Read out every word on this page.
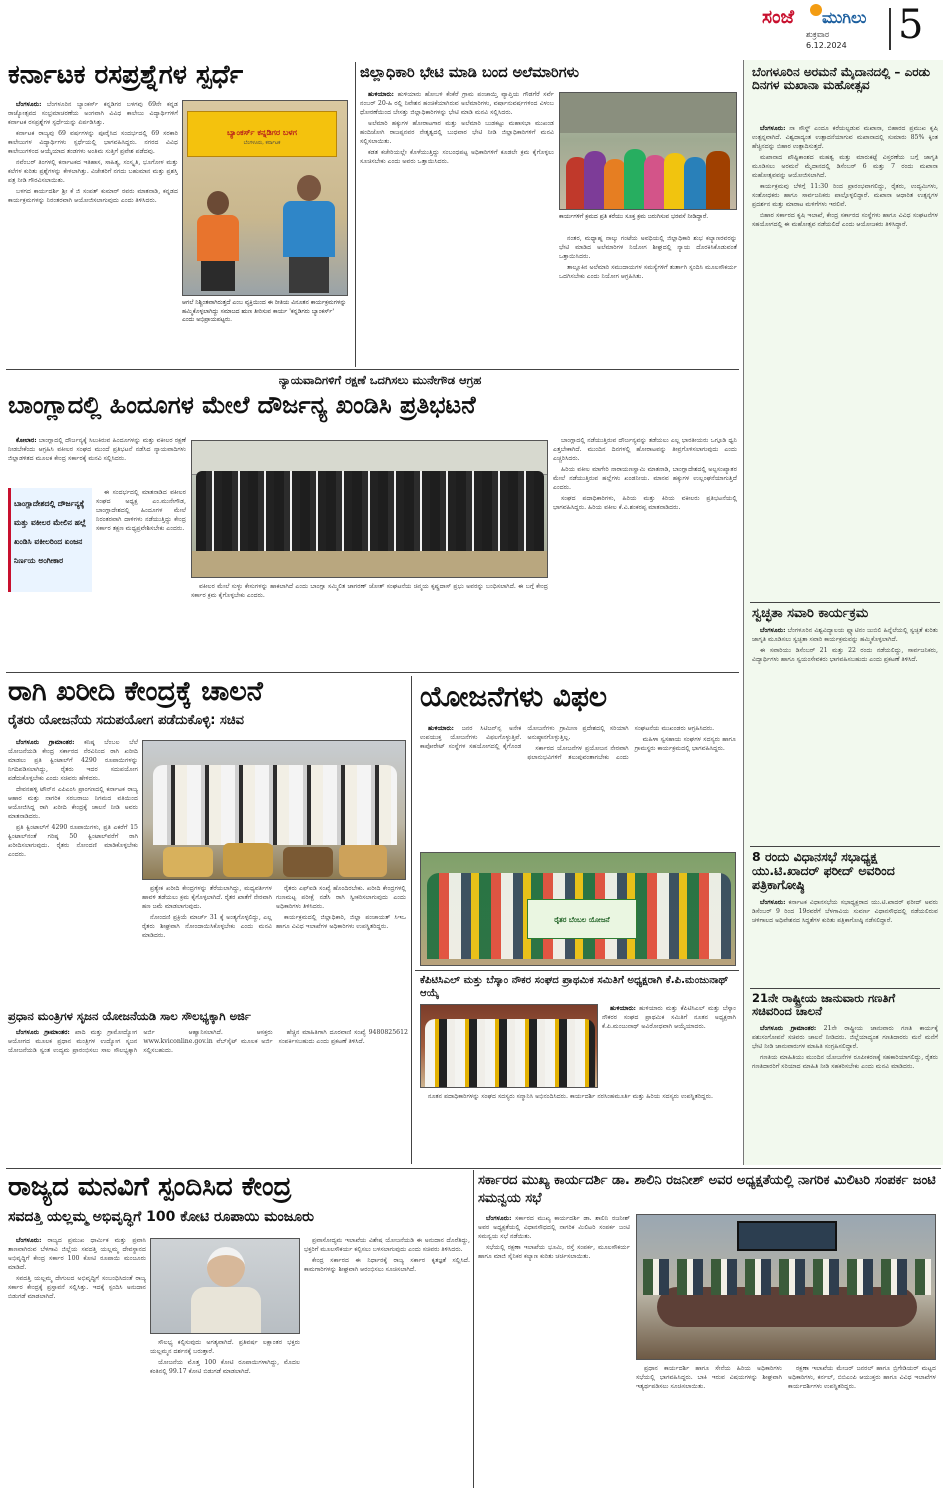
ಸಂಜೆ ಮುಗಿಲು
ಶುಕ್ರವಾರ
6.12.2024 5
ಕರ್ನಾಟಕ ರಸಪ್ರಶ್ನೆಗಳ ಸ್ಪರ್ಧೆ

ಬೆಂಗಳೂರು: ಬೆಂಗಳೂರಿನ ಬ್ಯಾಂಕರ್ಸ್ ಕನ್ನಡಿಗರ ಬಳಗವು 69ನೇ ಕನ್ನಡ ರಾಜ್ಯೋತ್ಸವದ ಸಂಭ್ರಮಾಚರಣೆಯ ಅಂಗವಾಗಿ ವಿವಿಧ ಕಾಲೇಜು ವಿದ್ಯಾರ್ಥಿಗಳಿಗೆ ಕರ್ನಾಟಕ ರಸಪ್ರಶ್ನೆಗಳ ಸ್ಪರ್ಧೆಯನ್ನು ಏರ್ಪಡಿಸಿತ್ತು.

ಕರ್ನಾಟಕ ರಾಜ್ಯವು 69 ವರ್ಷಗಳನ್ನು ಪೂರೈಸಿದ ಸಂದರ್ಭದಲ್ಲಿ 69 ಸರಕಾರಿ ಕಾಲೇಜುಗಳ ವಿದ್ಯಾರ್ಥಿಗಳು ಸ್ಪರ್ಧೆಯಲ್ಲಿ ಭಾಗವಹಿಸಿದ್ದರು. ನಗರದ ವಿವಿಧ ಕಾಲೇಜುಗಳಿಂದ ಆಯ್ಕೆಯಾದ ತಂಡಗಳು ಅಂತಿಮ ಸುತ್ತಿಗೆ ಪ್ರವೇಶ ಪಡೆದವು.

ನವೆಂಬರ್ ತಿಂಗಳಲ್ಲಿ ಕರ್ನಾಟಕದ ಇತಿಹಾಸ, ಸಾಹಿತ್ಯ, ಸಂಸ್ಕೃತಿ, ಭೂಗೋಳ ಮತ್ತು ಕಲೆಗಳ ಕುರಿತು ಪ್ರಶ್ನೆಗಳನ್ನು ಕೇಳಲಾಗಿತ್ತು. ವಿಜೇತರಿಗೆ ನಗದು ಬಹುಮಾನ ಮತ್ತು ಪ್ರಶಸ್ತಿ ಪತ್ರ ನೀಡಿ ಗೌರವಿಸಲಾಯಿತು.

ಬಳಗದ ಕಾರ್ಯದರ್ಶಿ ಶ್ರೀ ಕೆ ಜಿ ಸಂಪತ್ ಕುಮಾರ್ ರವರು ಮಾತನಾಡಿ, ಕನ್ನಡದ ಕಾರ್ಯಕ್ರಮಗಳನ್ನು ನಿರಂತರವಾಗಿ ಆಯೋಜಿಸಲಾಗುವುದು ಎಂದು ತಿಳಿಸಿದರು.

ಬ್ಯಾಂಕರ್ಸ್ ಕನ್ನಡಿಗರ ಬಳಗ
ಬೆಂಗಳೂರು, ಕರ್ನಾಟಕ
ಆಗಲೆ ನಿಶ್ಚಿಂತವಾಗಿರುತ್ತದೆ ಎಂಬ ವ್ಯಕ್ತಿಯಿಂದ ಈ ರೀತಿಯ ವಿನೂತನ ಕಾರ್ಯಕ್ರಮಗಳನ್ನು ಹಮ್ಮಿಕೊಳ್ಳಲಾಗಿದ್ದು ಸಮಾಜದ ಋಣ ತೀರಿಸುವ ಕಾರ್ಯ 'ಕನ್ನಡಿಗರು ಬ್ಯಾಂಕರ್ಸ್' ಎಂದು ಅಭಿಪ್ರಾಯಪಟ್ಟರು.
ಜಿಲ್ಲಾಧಿಕಾರಿ ಭೇಟಿ ಮಾಡಿ ಬಂದ ಅಲೆಮಾರಿಗಳು

ಹುಳಿಯಾರು: ಹುಳಿಯಾರು ಹೋಬಳಿ ಕೆಂಕೆರೆ ಗ್ರಾಮ ಪಂಚಾಯ್ತಿ ವ್ಯಾಪ್ತಿಯ ಗೌಡಗೆರೆ ಸರ್ವೆ ನಂಬರ್ 20-ಹಿ ರಲ್ಲಿ ನಿವೇಶನ ಹಂಚಿಕೆಯಾಗಿರುವ ಅಲೆಮಾರಿಗಳು, ವರ್ಷಾನುವರ್ಷಗಳಿಂದ ವಿಳಂಬ ಧೋರಣೆಯಿಂದ ಬೇಸತ್ತು ಜಿಲ್ಲಾಧಿಕಾರಿಗಳನ್ನು ಭೇಟಿ ಮಾಡಿ ಮನವಿ ಸಲ್ಲಿಸಿದರು.

ಅಲೆಮಾರಿ ಹಕ್ಕುಗಳ ಹೋರಾಟಗಾರ ಮತ್ತು ಅಲೆಮಾರಿ ಬುಡಕಟ್ಟು ಮಹಾಸಭಾ ಮುಖಂಡ ಹಂದಿಜೋಗಿ ರಾಜಪ್ಪನವರ ನೇತೃತ್ವದಲ್ಲಿ ಬುಧವಾರ ಭೇಟಿ ನೀಡಿ ಜಿಲ್ಲಾಧಿಕಾರಿಗಳಿಗೆ ಮನವಿ ಸಲ್ಲಿಸಲಾಯಿತು.

ಕಡತ ಕಚೇರಿಯಲ್ಲೇ ಕೊಳೆಯುತ್ತಿದ್ದು ಸಂಬಂಧಪಟ್ಟ ಅಧಿಕಾರಿಗಳಿಗೆ ಕೂಡಲೇ ಕ್ರಮ ಕೈಗೊಳ್ಳಲು ಸೂಚಿಸಬೇಕು ಎಂದು ಅವರು ಒತ್ತಾಯಿಸಿದರು.

ಕಾರ್ಯಗಳಿಗೆ ಕ್ರಮದ ಪ್ರತಿ ಕರೆಯು ಸೂಕ್ತ ಕ್ರಮ ಜರುಗಿಸುವ ಭರವಸೆ ನೀಡಿದ್ದಾರೆ.

ನಂತರ, ಮಧ್ಯಾಹ್ನ ನಾಲ್ಕು ಗಂಟೆಯ ಅವಧಿಯಲ್ಲಿ ಜಿಲ್ಲಾಧಿಕಾರಿ ಶುಭ ಕಲ್ಯಾಣರವರನ್ನು ಭೇಟಿ ಮಾಡಿದ ಅಲೆಮಾರಿಗಳ ನಿಯೋಗ ಶೀಘ್ರದಲ್ಲಿ ನ್ಯಾಯ ದೊರಕಿಸಿಕೊಡುವಂತೆ ಒತ್ತಾಯಿಸಿದರು.

ತಾಲ್ಲೂಕಿನ ಅಲೆಮಾರಿ ಸಮುದಾಯಗಳ ಸಮಸ್ಯೆಗಳಿಗೆ ತುರ್ತಾಗಿ ಸ್ಪಂದಿಸಿ ಮೂಲಸೌಕರ್ಯ ಒದಗಿಸಬೇಕು ಎಂದು ನಿಯೋಗ ಆಗ್ರಹಿಸಿತು.

ಬೆಂಗಳೂರಿನ ಅರಮನೆ ಮೈದಾನದಲ್ಲಿ – ಎರಡು ದಿನಗಳ ಮಖಾನಾ ಮಹೋತ್ಸವ

ಬೆಂಗಳೂರು: ನಾ ಸೌಸ್ಥ್ ಎಂದೂ ಕರೆಯಲ್ಪಡುವ ಮಖಾನಾ, ಬಿಹಾರದ ಪ್ರಮುಖ ಕೃಷಿ ಉತ್ಪನ್ನವಾಗಿದೆ. ವಿಶ್ವದಾದ್ಯಂತ ಉತ್ಪಾದನೆಯಾಗುವ ಮಖಾನಾದಲ್ಲಿ ಸುಮಾರು 85% ಕ್ಕಿಂತ ಹೆಚ್ಚಿನದನ್ನು ಬಿಹಾರ ಉತ್ಪಾದಿಸುತ್ತದೆ.

ಮಖಾನಾದ ಪೌಷ್ಟಿಕಾಂಶದ ಮಹತ್ವ ಮತ್ತು ಮಾರುಕಟ್ಟೆ ವಿಸ್ತರಣೆಯ ಬಗ್ಗೆ ಜಾಗೃತಿ ಮೂಡಿಸಲು ಅರಮನೆ ಮೈದಾನದಲ್ಲಿ ಡಿಸೆಂಬರ್ 6 ಮತ್ತು 7 ರಂದು ಮಖಾನಾ ಮಹೋತ್ಸವವನ್ನು ಆಯೋಜಿಸಲಾಗಿದೆ.

ಕಾರ್ಯಕ್ರಮವು ಬೆಳಿಗ್ಗೆ 11:30 ರಿಂದ ಪ್ರಾರಂಭವಾಗಲಿದ್ದು, ರೈತರು, ಉದ್ಯಮಿಗಳು, ಸಂಶೋಧಕರು ಹಾಗೂ ಸಾರ್ವಜನಿಕರು ಪಾಲ್ಗೊಳ್ಳಲಿದ್ದಾರೆ. ಮಖಾನಾ ಆಧಾರಿತ ಉತ್ಪನ್ನಗಳ ಪ್ರದರ್ಶನ ಮತ್ತು ಮಾರಾಟ ಮಳಿಗೆಗಳು ಇರಲಿವೆ.

ಬಿಹಾರ ಸರ್ಕಾರದ ಕೃಷಿ ಇಲಾಖೆ, ಕೇಂದ್ರ ಸರ್ಕಾರದ ಸಂಸ್ಥೆಗಳು ಹಾಗೂ ವಿವಿಧ ಸಂಘಟನೆಗಳ ಸಹಯೋಗದಲ್ಲಿ ಈ ಮಹೋತ್ಸವ ನಡೆಯಲಿದೆ ಎಂದು ಆಯೋಜಕರು ತಿಳಿಸಿದ್ದಾರೆ.

ಸ್ವಚ್ಛತಾ ಸವಾರಿ ಕಾರ್ಯಕ್ರಮ

ಬೆಂಗಳೂರು: ಬೆಂಗಳೂರಿನ ವಿಶ್ವವಿದ್ಯಾಲಯ ಪ್ಲ್ಯಾಟಿನಂ ಜುಬಿಲಿ ಹಿನ್ನೆಲೆಯಲ್ಲಿ ಸ್ವಚ್ಛತೆ ಕುರಿತು ಜಾಗೃತಿ ಮೂಡಿಸಲು ಸ್ವಚ್ಛತಾ ಸವಾರಿ ಕಾರ್ಯಕ್ರಮವನ್ನು ಹಮ್ಮಿಕೊಳ್ಳಲಾಗಿದೆ.

ಈ ಸವಾರಿಯು ಡಿಸೆಂಬರ್ 21 ಮತ್ತು 22 ರಂದು ನಡೆಯಲಿದ್ದು, ಸಾರ್ವಜನಿಕರು, ವಿದ್ಯಾರ್ಥಿಗಳು ಹಾಗೂ ಸ್ವಯಂಸೇವಕರು ಭಾಗವಹಿಸಬಹುದು ಎಂದು ಪ್ರಕಟಣೆ ತಿಳಿಸಿದೆ.

8 ರಂದು ವಿಧಾನಸಭೆ ಸಭಾಧ್ಯಕ್ಷ ಯು.ಟಿ.ಖಾದರ್ ಫರೀದ್ ಅವರಿಂದ ಪತ್ರಿಕಾಗೋಷ್ಠಿ

ಬೆಂಗಳೂರು: ಕರ್ನಾಟಕ ವಿಧಾನಸಭೆಯ ಸಭಾಧ್ಯಕ್ಷರಾದ ಯು.ಟಿ.ಖಾದರ್ ಫರೀದ್ ಅವರು ಡಿಸೆಂಬರ್ 9 ರಿಂದ 19ರವರೆಗೆ ಬೆಳಗಾವಿಯ ಸುವರ್ಣ ವಿಧಾನಸೌಧದಲ್ಲಿ ನಡೆಯಲಿರುವ ಚಳಿಗಾಲದ ಅಧಿವೇಶನದ ಸಿದ್ಧತೆಗಳ ಕುರಿತು ಪತ್ರಿಕಾಗೋಷ್ಠಿ ನಡೆಸಲಿದ್ದಾರೆ.

21ನೇ ರಾಷ್ಟ್ರೀಯ ಜಾನುವಾರು ಗಣತಿಗೆ ಸಚಿವರಿಂದ ಚಾಲನೆ

ಬೆಂಗಳೂರು ಗ್ರಾಮಾಂತರ: 21ನೇ ರಾಷ್ಟ್ರೀಯ ಜಾನುವಾರು ಗಣತಿ ಕಾರ್ಯಕ್ಕೆ ಪಶುಸಂಗೋಪನೆ ಸಚಿವರು ಚಾಲನೆ ನೀಡಿದರು. ಜಿಲ್ಲೆಯಾದ್ಯಂತ ಗಣತಿದಾರರು ಮನೆ ಮನೆಗೆ ಭೇಟಿ ನೀಡಿ ಜಾನುವಾರುಗಳ ಮಾಹಿತಿ ಸಂಗ್ರಹಿಸಲಿದ್ದಾರೆ.

ಗಣತಿಯ ಮಾಹಿತಿಯು ಮುಂದಿನ ಯೋಜನೆಗಳ ರೂಪೀಕರಣಕ್ಕೆ ಸಹಕಾರಿಯಾಗಲಿದ್ದು, ರೈತರು ಗಣತಿದಾರರಿಗೆ ಸರಿಯಾದ ಮಾಹಿತಿ ನೀಡಿ ಸಹಕರಿಸಬೇಕು ಎಂದು ಮನವಿ ಮಾಡಿದರು.

ನ್ಯಾಯವಾದಿಗಳಿಗೆ ರಕ್ಷಣೆ ಒದಗಿಸಲು ಮುನೇಗೌಡ ಆಗ್ರಹ
ಬಾಂಗ್ಲಾದಲ್ಲಿ ಹಿಂದೂಗಳ ಮೇಲೆ ದೌರ್ಜನ್ಯ ಖಂಡಿಸಿ ಪ್ರತಿಭಟನೆ

ಕೋಲಾರ: ಬಾಂಗ್ಲಾದಲ್ಲಿ ದೌರ್ಜನ್ಯಕ್ಕೆ ಸಿಲುಕಿರುವ ಹಿಂದೂಗಳನ್ನು ಮತ್ತು ವಕೀಲರ ರಕ್ಷಣೆ ನೀಡಬೇಕೆಂದು ಆಗ್ರಹಿಸಿ ವಕೀಲರ ಸಂಘದ ಮುಂದೆ ಪ್ರತಿಭಟನೆ ನಡೆಸಿದ ನ್ಯಾಯವಾದಿಗಳು ಜಿಲ್ಲಾಡಳಿತದ ಮೂಲಕ ಕೇಂದ್ರ ಸರ್ಕಾರಕ್ಕೆ ಮನವಿ ಸಲ್ಲಿಸಿದರು.

ಬಾಂಗ್ಲಾದೇಶದಲ್ಲಿ ದೌರ್ಜನ್ಯಕ್ಕೆ ಮತ್ತು ವಕೀಲರ ಮೇಲಿನ ಹಲ್ಲೆ ಖಂಡಿಸಿ ವಕೀಲರಿಂದ ಏಂಜನ ನಿರ್ಣಯ ಅಂಗೀಕಾರ

ಈ ಸಂದರ್ಭದಲ್ಲಿ ಮಾತನಾಡಿದ ವಕೀಲರ ಸಂಘದ ಅಧ್ಯಕ್ಷ ಎಂ.ಮುನೇಗೌಡ, ಬಾಂಗ್ಲಾದೇಶದಲ್ಲಿ ಹಿಂದೂಗಳ ಮೇಲೆ ನಿರಂತರವಾಗಿ ದಾಳಿಗಳು ನಡೆಯುತ್ತಿದ್ದು ಕೇಂದ್ರ ಸರ್ಕಾರ ತಕ್ಷಣ ಮಧ್ಯಪ್ರವೇಶಿಸಬೇಕು ಎಂದರು.

ವಕೀಲರ ಮೇಲೆ ಸುಳ್ಳು ಕೇಸುಗಳನ್ನು ಹಾಕಲಾಗಿದೆ ಎಂದು ಬಾಂಗ್ಲಾ ಸಮ್ಮಿಲಿತ ಜಾಗರಣ್ ಜೋತ್ ಸಂಘಟನೆಯ ಚಿನ್ಮಯ ಕೃಷ್ಣದಾಸ್ ಪ್ರಭು ಅವರನ್ನು ಬಂಧಿಸಲಾಗಿದೆ. ಈ ಬಗ್ಗೆ ಕೇಂದ್ರ ಸರ್ಕಾರ ಕ್ರಮ ಕೈಗೊಳ್ಳಬೇಕು ಎಂದರು.

ಬಾಂಗ್ಲಾದಲ್ಲಿ ನಡೆಯುತ್ತಿರುವ ದೌರ್ಜನ್ಯವನ್ನು ತಡೆಯಲು ಎಲ್ಲ ಭಾರತೀಯರು ಒಗ್ಗೂಡಿ ಧ್ವನಿ ಎತ್ತಬೇಕಾಗಿದೆ. ಮುಂದಿನ ದಿನಗಳಲ್ಲಿ ಹೋರಾಟವನ್ನು ತೀವ್ರಗೊಳಿಸಲಾಗುವುದು ಎಂದು ಎಚ್ಚರಿಸಿದರು.

ಹಿರಿಯ ವಕೀಲ ಮಾಗೇರಿ ನಾರಾಯಣಸ್ವಾಮಿ ಮಾತನಾಡಿ, ಬಾಂಗ್ಲಾದೇಶದಲ್ಲಿ ಅಲ್ಪಸಂಖ್ಯಾತರ ಮೇಲೆ ನಡೆಯುತ್ತಿರುವ ಹಲ್ಲೆಗಳು ಖಂಡನೀಯ. ಮಾನವ ಹಕ್ಕುಗಳ ಉಲ್ಲಂಘನೆಯಾಗುತ್ತಿದೆ ಎಂದರು.

ಸಂಘದ ಪದಾಧಿಕಾರಿಗಳು, ಹಿರಿಯ ಮತ್ತು ಕಿರಿಯ ವಕೀಲರು ಪ್ರತಿಭಟನೆಯಲ್ಲಿ ಭಾಗವಹಿಸಿದ್ದರು. ಹಿರಿಯ ವಕೀಲ ಕೆ.ವಿ.ಶಂಕರಪ್ಪ ಮಾತನಾಡಿದರು.

ರಾಗಿ ಖರೀದಿ ಕೇಂದ್ರಕ್ಕೆ ಚಾಲನೆ
ರೈತರು ಯೋಜನೆಯ ಸದುಪಯೋಗ ಪಡೆದುಕೊಳ್ಳಿ: ಸಚಿವ

ಬೆಂಗಳೂರು ಗ್ರಾಮಾಂತರ: ಕನಿಷ್ಠ ಬೆಂಬಲ ಬೆಲೆ ಯೋಜನೆಯಡಿ ಕೇಂದ್ರ ಸರ್ಕಾರದ ನೆರವಿನಿಂದ ರಾಗಿ ಖರೀದಿ ಮಾಡಲು ಪ್ರತಿ ಕ್ವಿಂಟಾಲ್‌ಗೆ 4290 ರೂಪಾಯಿಗಳನ್ನು ನಿಗದಿಪಡಿಸಲಾಗಿದ್ದು, ರೈತರು ಇದರ ಸದುಪಯೋಗ ಪಡೆದುಕೊಳ್ಳಬೇಕು ಎಂದು ಸಚಿವರು ಹೇಳಿದರು.

ದೇವನಹಳ್ಳಿ ಟೌನ್‌ನ ಎಪಿಎಂಸಿ ಪ್ರಾಂಗಣದಲ್ಲಿ ಕರ್ನಾಟಕ ರಾಜ್ಯ ಆಹಾರ ಮತ್ತು ನಾಗರಿಕ ಸರಬರಾಜು ನಿಗಮದ ವತಿಯಿಂದ ಆಯೋಜಿಸಿದ್ದ ರಾಗಿ ಖರೀದಿ ಕೇಂದ್ರಕ್ಕೆ ಚಾಲನೆ ನೀಡಿ ಅವರು ಮಾತನಾಡಿದರು.

ಪ್ರತಿ ಕ್ವಿಂಟಾಲ್‌ಗೆ 4290 ರೂಪಾಯಿಗಳು, ಪ್ರತಿ ಎಕರೆಗೆ 15 ಕ್ವಿಂಟಾಲ್‌ನಂತೆ ಗರಿಷ್ಠ 50 ಕ್ವಿಂಟಾಲ್‌ವರೆಗೆ ರಾಗಿ ಖರೀದಿಸಲಾಗುವುದು. ರೈತರು ನೋಂದಣಿ ಮಾಡಿಕೊಳ್ಳಬೇಕು ಎಂದರು.

ಪ್ರತ್ಯೇಕ ಖರೀದಿ ಕೇಂದ್ರಗಳನ್ನು ತೆರೆಯಲಾಗಿದ್ದು, ಮಧ್ಯವರ್ತಿಗಳ ಹಾವಳಿ ತಡೆಯಲು ಕ್ರಮ ಕೈಗೊಳ್ಳಲಾಗಿದೆ. ರೈತರ ಖಾತೆಗೆ ನೇರವಾಗಿ ಹಣ ಜಮೆ ಮಾಡಲಾಗುವುದು.

ನೋಂದಣಿ ಪ್ರಕ್ರಿಯೆ ಮಾರ್ಚ್ 31 ಕ್ಕೆ ಅಂತ್ಯಗೊಳ್ಳಲಿದ್ದು, ಎಲ್ಲ ರೈತರು ಶೀಘ್ರವಾಗಿ ನೋಂದಾಯಿಸಿಕೊಳ್ಳಬೇಕು ಎಂದು ಮನವಿ ಮಾಡಿದರು.

ರೈತರು ಎಫ್‌ಐಡಿ ಸಂಖ್ಯೆ ಹೊಂದಿರಬೇಕು. ಖರೀದಿ ಕೇಂದ್ರಗಳಲ್ಲಿ ಗುಣಮಟ್ಟ ಪರೀಕ್ಷೆ ನಡೆಸಿ ರಾಗಿ ಸ್ವೀಕರಿಸಲಾಗುವುದು ಎಂದು ಅಧಿಕಾರಿಗಳು ತಿಳಿಸಿದರು.

ಕಾರ್ಯಕ್ರಮದಲ್ಲಿ ಜಿಲ್ಲಾಧಿಕಾರಿ, ಜಿಲ್ಲಾ ಪಂಚಾಯತ್ ಸಿಇಒ ಹಾಗೂ ವಿವಿಧ ಇಲಾಖೆಗಳ ಅಧಿಕಾರಿಗಳು ಉಪಸ್ಥಿತರಿದ್ದರು.

ಪ್ರಧಾನ ಮಂತ್ರಿಗಳ ಸೃಜನ ಯೋಜನೆಯಡಿ ಸಾಲ ಸೌಲಭ್ಯಕ್ಕಾಗಿ ಅರ್ಜಿ

ಬೆಂಗಳೂರು ಗ್ರಾಮಾಂತರ: ಖಾದಿ ಮತ್ತು ಗ್ರಾಮೋದ್ಯೋಗ ಆಯೋಗದ ಮೂಲಕ ಪ್ರಧಾನ ಮಂತ್ರಿಗಳ ಉದ್ಯೋಗ ಸೃಜನ ಯೋಜನೆಯಡಿ ಸ್ವಂತ ಉದ್ಯಮ ಪ್ರಾರಂಭಿಸಲು ಸಾಲ ಸೌಲಭ್ಯಕ್ಕಾಗಿ ಅರ್ಜಿ ಆಹ್ವಾನಿಸಲಾಗಿದೆ. ಆಸಕ್ತರು www.kviconline.gov.in ವೆಬ್‌ಸೈಟ್ ಮೂಲಕ ಅರ್ಜಿ ಸಲ್ಲಿಸಬಹುದು.

ಹೆಚ್ಚಿನ ಮಾಹಿತಿಗಾಗಿ ದೂರವಾಣಿ ಸಂಖ್ಯೆ 9480825612 ಸಂಪರ್ಕಿಸಬಹುದು ಎಂದು ಪ್ರಕಟಣೆ ತಿಳಿಸಿದೆ.

ಯೋಜನೆಗಳು ವಿಫಲ

ಹುಳಿಯಾರು: ಜನರ ಸಿಟಿಜನ್‌ನ್ಸ ಅನೇಕ ಉಪಯುಕ್ತ ಯೋಜನೆಗಳು ವಿಫಲಗೊಳ್ಳುತ್ತಿವೆ. ಕಾಪೋರೇಟ್ ಸಂಸ್ಥೆಗಳ ಸಹಯೋಗದಲ್ಲಿ ಕೈಗೊಂಡ ಯೋಜನೆಗಳು ಗ್ರಾಮೀಣ ಪ್ರದೇಶದಲ್ಲಿ ಸರಿಯಾಗಿ ಅನುಷ್ಠಾನಗೊಳ್ಳುತ್ತಿಲ್ಲ.

ಸರ್ಕಾರದ ಯೋಜನೆಗಳ ಪ್ರಯೋಜನ ನೇರವಾಗಿ ಫಲಾನುಭವಿಗಳಿಗೆ ತಲುಪುವಂತಾಗಬೇಕು ಎಂದು ಸಂಘಟನೆಯ ಮುಖಂಡರು ಆಗ್ರಹಿಸಿದರು.

ಮಹಿಳಾ ಸ್ವಸಹಾಯ ಸಂಘಗಳ ಸದಸ್ಯರು ಹಾಗೂ ಗ್ರಾಮಸ್ಥರು ಕಾರ್ಯಕ್ರಮದಲ್ಲಿ ಭಾಗವಹಿಸಿದ್ದರು.

ರೈತರ ಬೆಂಬಲ ಯೋಜನೆ
ಕೆಪಿಟಿಸಿಎಲ್ ಮತ್ತು ಬೆಸ್ಕಾಂ ನೌಕರ ಸಂಘದ ಪ್ರಾಥಮಿಕ ಸಮಿತಿಗೆ ಅಧ್ಯಕ್ಷರಾಗಿ ಕೆ.ಪಿ.ಮಂಜುನಾಥ್ ಆಯ್ಕೆ

ಹುಳಿಯಾರು: ಹುಳಿಯಾರು ಮತ್ತು ಕೆಪಿಟಿಸಿಎಲ್ ಮತ್ತು ಬೆಸ್ಕಾಂ ನೌಕರರ ಸಂಘದ ಪ್ರಾಥಮಿಕ ಸಮಿತಿಗೆ ನೂತನ ಅಧ್ಯಕ್ಷರಾಗಿ ಕೆ.ಪಿ.ಮಂಜುನಾಥ್ ಅವಿರೋಧವಾಗಿ ಆಯ್ಕೆಯಾದರು.

ನೂತನ ಪದಾಧಿಕಾರಿಗಳನ್ನು ಸಂಘದ ಸದಸ್ಯರು ಸನ್ಮಾನಿಸಿ ಅಭಿನಂದಿಸಿದರು. ಕಾರ್ಯದರ್ಶಿ ನರಸಿಂಹಮೂರ್ತಿ ಮತ್ತು ಹಿರಿಯ ಸದಸ್ಯರು ಉಪಸ್ಥಿತರಿದ್ದರು.

ರಾಜ್ಯದ ಮನವಿಗೆ ಸ್ಪಂದಿಸಿದ ಕೇಂದ್ರ
ಸವದತ್ತಿ ಯಲ್ಲಮ್ಮ ಅಭಿವೃದ್ಧಿಗೆ 100 ಕೋಟಿ ರೂಪಾಯಿ ಮಂಜೂರು

ಬೆಂಗಳೂರು: ರಾಜ್ಯದ ಪ್ರಮುಖ ಧಾರ್ಮಿಕ ಮತ್ತು ಪ್ರವಾಸಿ ತಾಣವಾಗಿರುವ ಬೆಳಗಾವಿ ಜಿಲ್ಲೆಯ ಸವದತ್ತಿ ಯಲ್ಲಮ್ಮ ದೇವಸ್ಥಾನದ ಅಭಿವೃದ್ಧಿಗೆ ಕೇಂದ್ರ ಸರ್ಕಾರ 100 ಕೋಟಿ ರೂಪಾಯಿ ಮಂಜೂರು ಮಾಡಿದೆ.

ಸವದತ್ತಿ ಯಲ್ಲಮ್ಮ ದೇಗುಲದ ಅಭಿವೃದ್ಧಿಗೆ ಸಂಬಂಧಿಸಿದಂತೆ ರಾಜ್ಯ ಸರ್ಕಾರ ಕೇಂದ್ರಕ್ಕೆ ಪ್ರಸ್ತಾವನೆ ಸಲ್ಲಿಸಿತ್ತು. ಇದಕ್ಕೆ ಸ್ಪಂದಿಸಿ ಅನುದಾನ ಬಿಡುಗಡೆ ಮಾಡಲಾಗಿದೆ.

ಸೌಲಭ್ಯ ಕಲ್ಪಿಸುವುದು ಅಗತ್ಯವಾಗಿದೆ. ಪ್ರತಿವರ್ಷ ಲಕ್ಷಾಂತರ ಭಕ್ತರು ಯಲ್ಲಮ್ಮನ ದರ್ಶನಕ್ಕೆ ಬರುತ್ತಾರೆ.

ಯೋಜನೆಯ ಮೊತ್ತ 100 ಕೋಟಿ ರೂಪಾಯಿಗಳಾಗಿದ್ದು, ಮೊದಲ ಕಂತಿನಲ್ಲಿ 99.17 ಕೋಟಿ ಬಿಡುಗಡೆ ಮಾಡಲಾಗಿದೆ.

ಪ್ರವಾಸೋದ್ಯಮ ಇಲಾಖೆಯ ವಿಶೇಷ ಯೋಜನೆಯಡಿ ಈ ಅನುದಾನ ದೊರೆತಿದ್ದು, ಭಕ್ತರಿಗೆ ಮೂಲಸೌಕರ್ಯ ಕಲ್ಪಿಸಲು ಬಳಸಲಾಗುವುದು ಎಂದು ಸಚಿವರು ತಿಳಿಸಿದರು.

ಕೇಂದ್ರ ಸರ್ಕಾರದ ಈ ನಿರ್ಧಾರಕ್ಕೆ ರಾಜ್ಯ ಸರ್ಕಾರ ಕೃತಜ್ಞತೆ ಸಲ್ಲಿಸಿದೆ. ಕಾಮಗಾರಿಗಳನ್ನು ಶೀಘ್ರವಾಗಿ ಆರಂಭಿಸಲು ಸೂಚಿಸಲಾಗಿದೆ.

ಸರ್ಕಾರದ ಮುಖ್ಯ ಕಾರ್ಯದರ್ಶಿ ಡಾ. ಶಾಲಿನಿ ರಜನೀಶ್ ಅವರ ಅಧ್ಯಕ್ಷತೆಯಲ್ಲಿ ನಾಗರಿಕ ಮಿಲಿಟರಿ ಸಂಪರ್ಕ ಜಂಟಿ ಸಮನ್ವಯ ಸಭೆ

ಬೆಂಗಳೂರು: ಸರ್ಕಾರದ ಮುಖ್ಯ ಕಾರ್ಯದರ್ಶಿ ಡಾ. ಶಾಲಿನಿ ರಜನೀಶ್ ಅವರ ಅಧ್ಯಕ್ಷತೆಯಲ್ಲಿ ವಿಧಾನಸೌಧದಲ್ಲಿ ನಾಗರಿಕ ಮಿಲಿಟರಿ ಸಂಪರ್ಕ ಜಂಟಿ ಸಮನ್ವಯ ಸಭೆ ನಡೆಯಿತು.

ಸಭೆಯಲ್ಲಿ ರಕ್ಷಣಾ ಇಲಾಖೆಯ ಭೂಮಿ, ರಸ್ತೆ ಸಂಪರ್ಕ, ಮೂಲಸೌಕರ್ಯ ಹಾಗೂ ಮಾಜಿ ಸೈನಿಕರ ಕಲ್ಯಾಣ ಕುರಿತು ಚರ್ಚಿಸಲಾಯಿತು.

ಪ್ರಧಾನ ಕಾರ್ಯದರ್ಶಿ ಹಾಗೂ ಸೇನೆಯ ಹಿರಿಯ ಅಧಿಕಾರಿಗಳು ಸಭೆಯಲ್ಲಿ ಭಾಗವಹಿಸಿದ್ದರು. ಬಾಕಿ ಇರುವ ವಿಷಯಗಳನ್ನು ಶೀಘ್ರವಾಗಿ ಇತ್ಯರ್ಥಪಡಿಸಲು ಸೂಚಿಸಲಾಯಿತು.

ರಕ್ಷಣಾ ಇಲಾಖೆಯ ಮೇಜರ್ ಜನರಲ್ ಹಾಗೂ ಬ್ರಿಗೇಡಿಯರ್ ಮಟ್ಟದ ಅಧಿಕಾರಿಗಳು, ಕರ್ನಲ್, ಬಿಬಿಎಂಪಿ ಆಯುಕ್ತರು ಹಾಗೂ ವಿವಿಧ ಇಲಾಖೆಗಳ ಕಾರ್ಯದರ್ಶಿಗಳು ಉಪಸ್ಥಿತರಿದ್ದರು.
